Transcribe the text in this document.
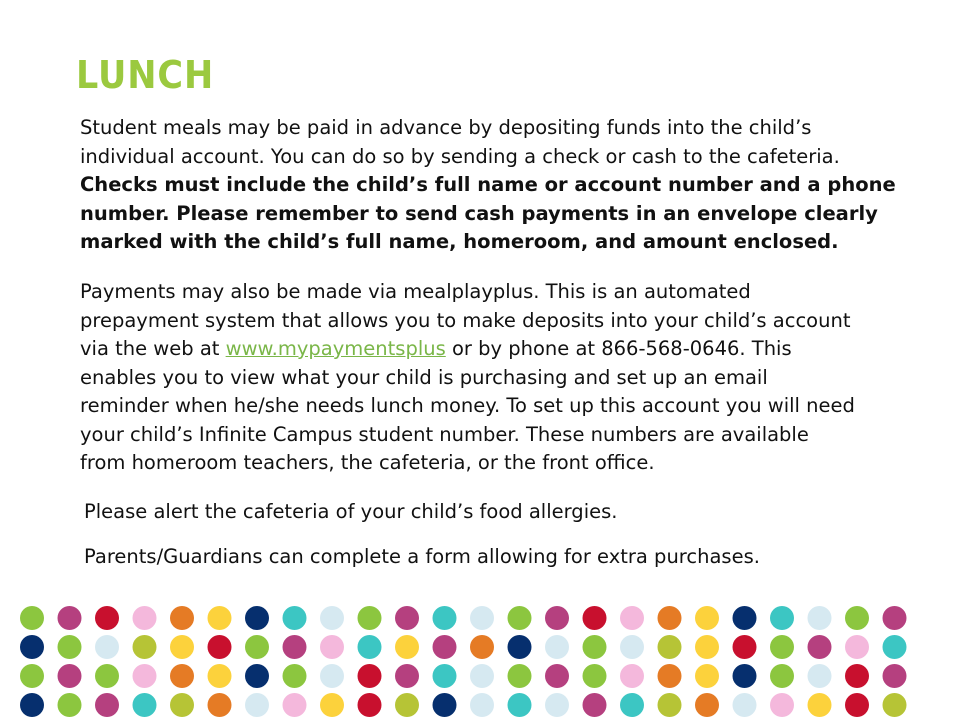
LUNCH

Student meals may be paid in advance by depositing funds into the child’s
individual account. You can do so by sending a check or cash to the cafeteria.
Checks must include the child’s full name or account number and a phone
number. Please remember to send cash payments in an envelope clearly
marked with the child’s full name, homeroom, and amount enclosed.

Payments may also be made via mealplayplus. This is an automated
prepayment system that allows you to make deposits into your child’s account
via the web at www.mypaymentsplus or by phone at 866-568-0646. This
enables you to view what your child is purchasing and set up an email
reminder when he/she needs lunch money. To set up this account you will need
your child’s Infinite Campus student number. These numbers are available
from homeroom teachers, the cafeteria, or the front office.

Please alert the cafeteria of your child’s food allergies.

Parents/Guardians can complete a form allowing for extra purchases.
